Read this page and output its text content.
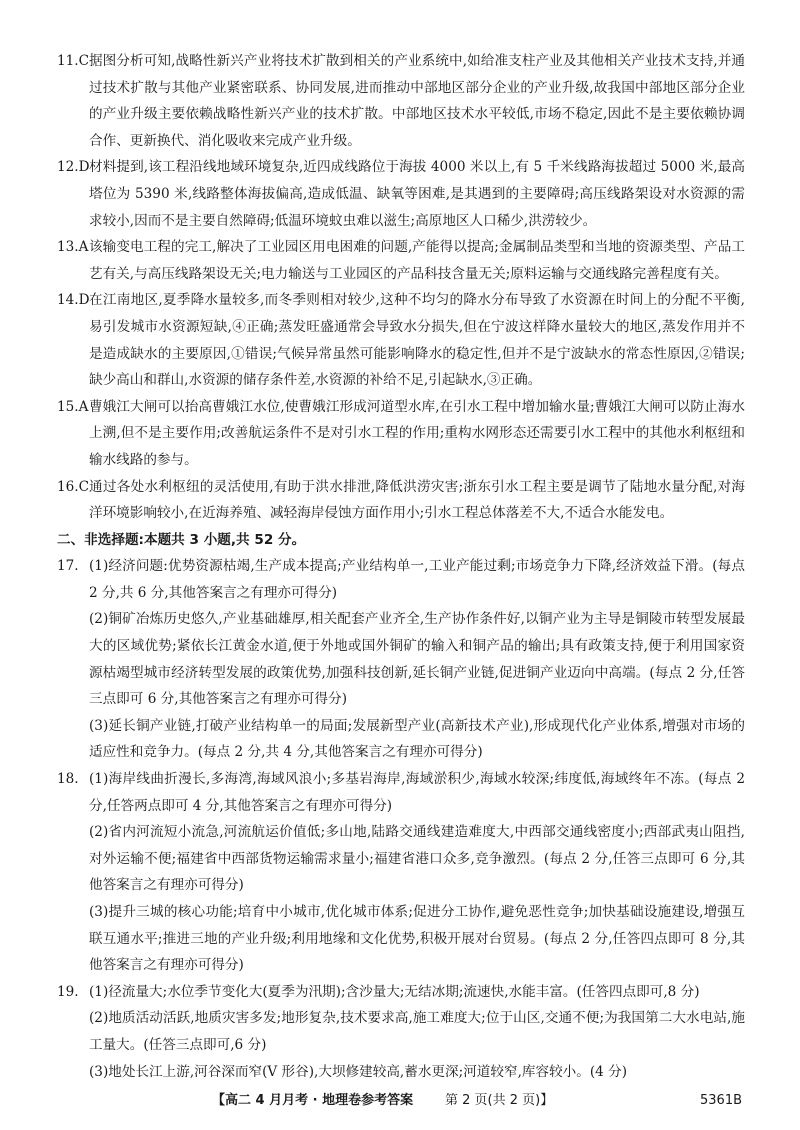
11.C 据图分析可知,战略性新兴产业将技术扩散到相关的产业系统中,如给准支柱产业及其他相关产业技术支持,并通过技术扩散与其他产业紧密联系、协同发展,进而推动中部地区部分企业的产业升级,故我国中部地区部分企业的产业升级主要依赖战略性新兴产业的技术扩散。中部地区技术水平较低,市场不稳定,因此不是主要依赖协调合作、更新换代、消化吸收来完成产业升级。
12.D 材料提到,该工程沿线地域环境复杂,近四成线路位于海拔 4000 米以上,有 5 千米线路海拔超过 5000 米,最高塔位为 5390 米,线路整体海拔偏高,造成低温、缺氧等困难,是其遇到的主要障碍;高压线路架设对水资源的需求较小,因而不是主要自然障碍;低温环境蚊虫难以滋生;高原地区人口稀少,洪涝较少。
13.A 该输变电工程的完工,解决了工业园区用电困难的问题,产能得以提高;金属制品类型和当地的资源类型、产品工艺有关,与高压线路架设无关;电力输送与工业园区的产品科技含量无关;原料运输与交通线路完善程度有关。
14.D 在江南地区,夏季降水量较多,而冬季则相对较少,这种不均匀的降水分布导致了水资源在时间上的分配不平衡,易引发城市水资源短缺,④正确;蒸发旺盛通常会导致水分损失,但在宁波这样降水量较大的地区,蒸发作用并不是造成缺水的主要原因,①错误;气候异常虽然可能影响降水的稳定性,但并不是宁波缺水的常态性原因,②错误;缺少高山和群山,水资源的储存条件差,水资源的补给不足,引起缺水,③正确。
15.A 曹娥江大闸可以抬高曹娥江水位,使曹娥江形成河道型水库,在引水工程中增加输水量;曹娥江大闸可以防止海水上溯,但不是主要作用;改善航运条件不是对引水工程的作用;重构水网形态还需要引水工程中的其他水利枢纽和输水线路的参与。
16.C 通过各处水利枢纽的灵活使用,有助于洪水排泄,降低洪涝灾害;浙东引水工程主要是调节了陆地水量分配,对海洋环境影响较小,在近海养殖、减轻海岸侵蚀方面作用小;引水工程总体落差不大,不适合水能发电。
二、非选择题:本题共 3 小题,共 52 分。
17. (1)经济问题:优势资源枯竭,生产成本提高;产业结构单一,工业产能过剩;市场竞争力下降,经济效益下滑。(每点 2 分,共 6 分,其他答案言之有理亦可得分)
(2)铜矿冶炼历史悠久,产业基础雄厚,相关配套产业齐全,生产协作条件好,以铜产业为主导是铜陵市转型发展最大的区域优势;紧依长江黄金水道,便于外地或国外铜矿的输入和铜产品的输出;具有政策支持,便于利用国家资源枯竭型城市经济转型发展的政策优势,加强科技创新,延长铜产业链,促进铜产业迈向中高端。(每点 2 分,任答三点即可 6 分,其他答案言之有理亦可得分)
(3)延长铜产业链,打破产业结构单一的局面;发展新型产业(高新技术产业),形成现代化产业体系,增强对市场的适应性和竞争力。(每点 2 分,共 4 分,其他答案言之有理亦可得分)
18. (1)海岸线曲折漫长,多海湾,海域风浪小;多基岩海岸,海域淤积少,海域水较深;纬度低,海域终年不冻。(每点 2 分,任答两点即可 4 分,其他答案言之有理亦可得分)
(2)省内河流短小流急,河流航运价值低;多山地,陆路交通线建造难度大,中西部交通线密度小;西部武夷山阻挡,对外运输不便;福建省中西部货物运输需求量小;福建省港口众多,竞争激烈。(每点 2 分,任答三点即可 6 分,其他答案言之有理亦可得分)
(3)提升三城的核心功能;培育中小城市,优化城市体系;促进分工协作,避免恶性竞争;加快基础设施建设,增强互联互通水平;推进三地的产业升级;利用地缘和文化优势,积极开展对台贸易。(每点 2 分,任答四点即可 8 分,其他答案言之有理亦可得分)
19. (1)径流量大;水位季节变化大(夏季为汛期);含沙量大;无结冰期;流速快,水能丰富。(任答四点即可,8 分)
(2)地质活动活跃,地质灾害多发;地形复杂,技术要求高,施工难度大;位于山区,交通不便;为我国第二大水电站,施工量大。(任答三点即可,6 分)
(3)地处长江上游,河谷深而窄(V 形谷),大坝修建较高,蓄水更深;河道较窄,库容较小。(4 分)
【高二 4 月月考 · 地理卷参考答案 第 2 页(共 2 页)】	5361B
